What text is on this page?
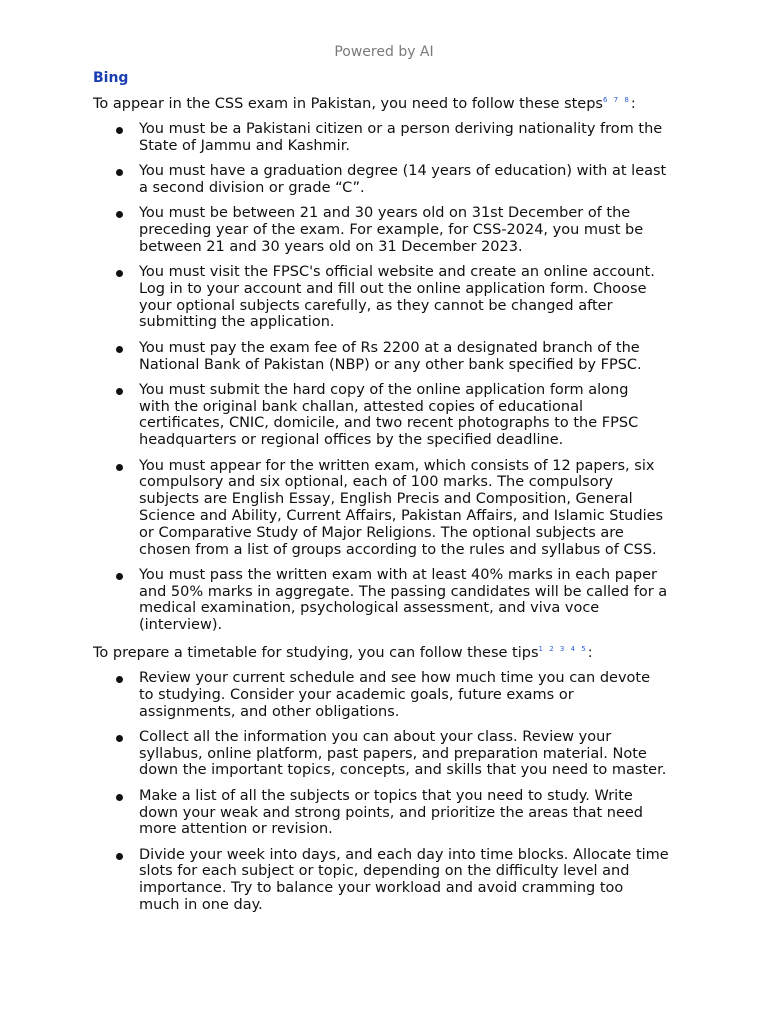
Powered by AI
Bing
To appear in the CSS exam in Pakistan, you need to follow these steps$^{6 7 8}$:
You must be a Pakistani citizen or a person deriving nationality from the
State of Jammu and Kashmir.
You must have a graduation degree (14 years of education) with at least
a second division or grade “C”.
You must be between 21 and 30 years old on 31st December of the
preceding year of the exam. For example, for CSS-2024, you must be
between 21 and 30 years old on 31 December 2023.
You must visit the FPSC's official website and create an online account.
Log in to your account and fill out the online application form. Choose
your optional subjects carefully, as they cannot be changed after
submitting the application.
You must pay the exam fee of Rs 2200 at a designated branch of the
National Bank of Pakistan (NBP) or any other bank specified by FPSC.
You must submit the hard copy of the online application form along
with the original bank challan, attested copies of educational
certificates, CNIC, domicile, and two recent photographs to the FPSC
headquarters or regional offices by the specified deadline.
You must appear for the written exam, which consists of 12 papers, six
compulsory and six optional, each of 100 marks. The compulsory
subjects are English Essay, English Precis and Composition, General
Science and Ability, Current Affairs, Pakistan Affairs, and Islamic Studies
or Comparative Study of Major Religions. The optional subjects are
chosen from a list of groups according to the rules and syllabus of CSS.
You must pass the written exam with at least 40% marks in each paper
and 50% marks in aggregate. The passing candidates will be called for a
medical examination, psychological assessment, and viva voce
(interview).
To prepare a timetable for studying, you can follow these tips$^{1 2 3 4 5}$:
Review your current schedule and see how much time you can devote
to studying. Consider your academic goals, future exams or
assignments, and other obligations.
Collect all the information you can about your class. Review your
syllabus, online platform, past papers, and preparation material. Note
down the important topics, concepts, and skills that you need to master.
Make a list of all the subjects or topics that you need to study. Write
down your weak and strong points, and prioritize the areas that need
more attention or revision.
Divide your week into days, and each day into time blocks. Allocate time
slots for each subject or topic, depending on the difficulty level and
importance. Try to balance your workload and avoid cramming too
much in one day.
